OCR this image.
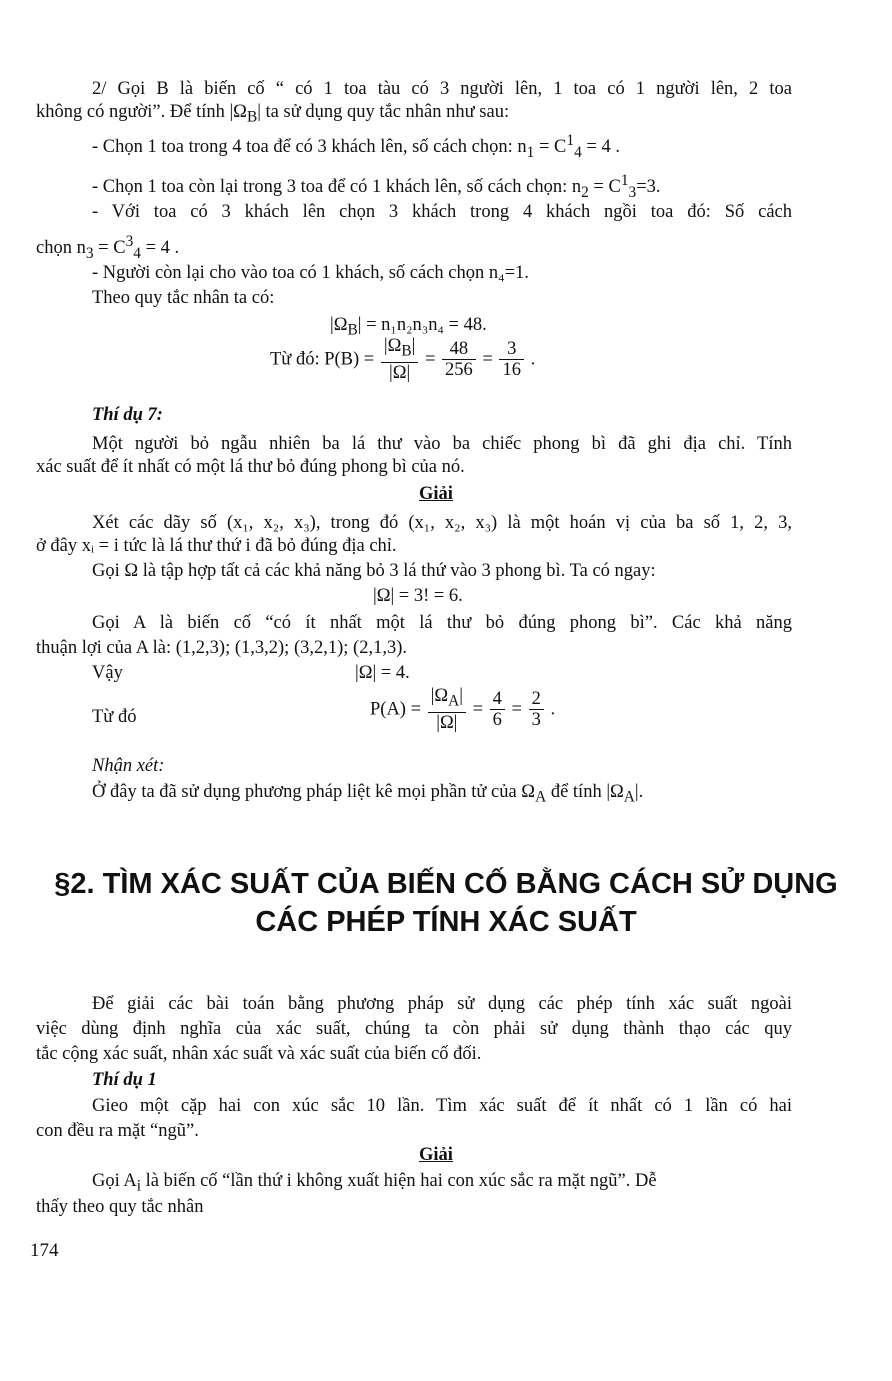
2/ Gọi B là biến cố “ có 1 toa tàu có 3 người lên, 1 toa có 1 người lên, 2 toa
không có người”. Để tính $|\Omega_B|$ ta sử dụng quy tắc nhân như sau:
- Chọn 1 toa trong 4 toa để có 3 khách lên, số cách chọn: $n_1 = C^1_4 = 4$ .
- Chọn 1 toa còn lại trong 3 toa để có 1 khách lên, số cách chọn: $n_2 = C^1_3=3$.
- Với toa có 3 khách lên chọn 3 khách trong 4 khách ngồi toa đó: Số cách
chọn $n_3 = C^3_4 = 4$ .
- Người còn lại cho vào toa có 1 khách, số cách chọn n₄=1.
Theo quy tắc nhân ta có:
$|\Omega_B| = n_1n_2n_3n_4 = 48$.
Từ đó: $P(B) = \frac{|\Omega_B|}{|\Omega|} = \frac{48}{256} = \frac{3}{16}$ .
Thí dụ 7:
Một người bỏ ngẫu nhiên ba lá thư vào ba chiếc phong bì đã ghi địa chỉ. Tính
xác suất để ít nhất có một lá thư bỏ đúng phong bì của nó.
Giải
Xét các dãy số (x₁, x₂, x₃), trong đó (x₁, x₂, x₃) là một hoán vị của ba số 1, 2, 3,
ở đây xᵢ = i tức là lá thư thứ i đã bỏ đúng địa chỉ.
Gọi Ω là tập hợp tất cả các khả năng bỏ 3 lá thứ vào 3 phong bì. Ta có ngay:
|Ω| = 3! = 6.
Gọi A là biến cố “có ít nhất một lá thư bỏ đúng phong bì”. Các khả năng
thuận lợi của A là: (1,2,3); (1,3,2); (3,2,1); (2,1,3).
Vậy	|Ω| = 4.
Từ đó	$P(A) = \frac{|\Omega_A|}{|\Omega|} = \frac{4}{6} = \frac{2}{3}$ .
Nhận xét:
Ở đây ta đã sử dụng phương pháp liệt kê mọi phần tử của $\Omega_A$ để tính $|\Omega_A|$.
§2. TÌM XÁC SUẤT CỦA BIẾN CỐ BẰNG CÁCH SỬ DỤNG
CÁC PHÉP TÍNH XÁC SUẤT
Để giải các bài toán bằng phương pháp sử dụng các phép tính xác suất ngoài
việc dùng định nghĩa của xác suất, chúng ta còn phải sử dụng thành thạo các quy
tắc cộng xác suất, nhân xác suất và xác suất của biến cố đối.
Thí dụ 1
Gieo một cặp hai con xúc sắc 10 lần. Tìm xác suất để ít nhất có 1 lần có hai
con đều ra mặt “ngũ”.
Giải
Gọi $A_i$ là biến cố “lần thứ i không xuất hiện hai con xúc sắc ra mặt ngũ”. Dễ
thấy theo quy tắc nhân
174
